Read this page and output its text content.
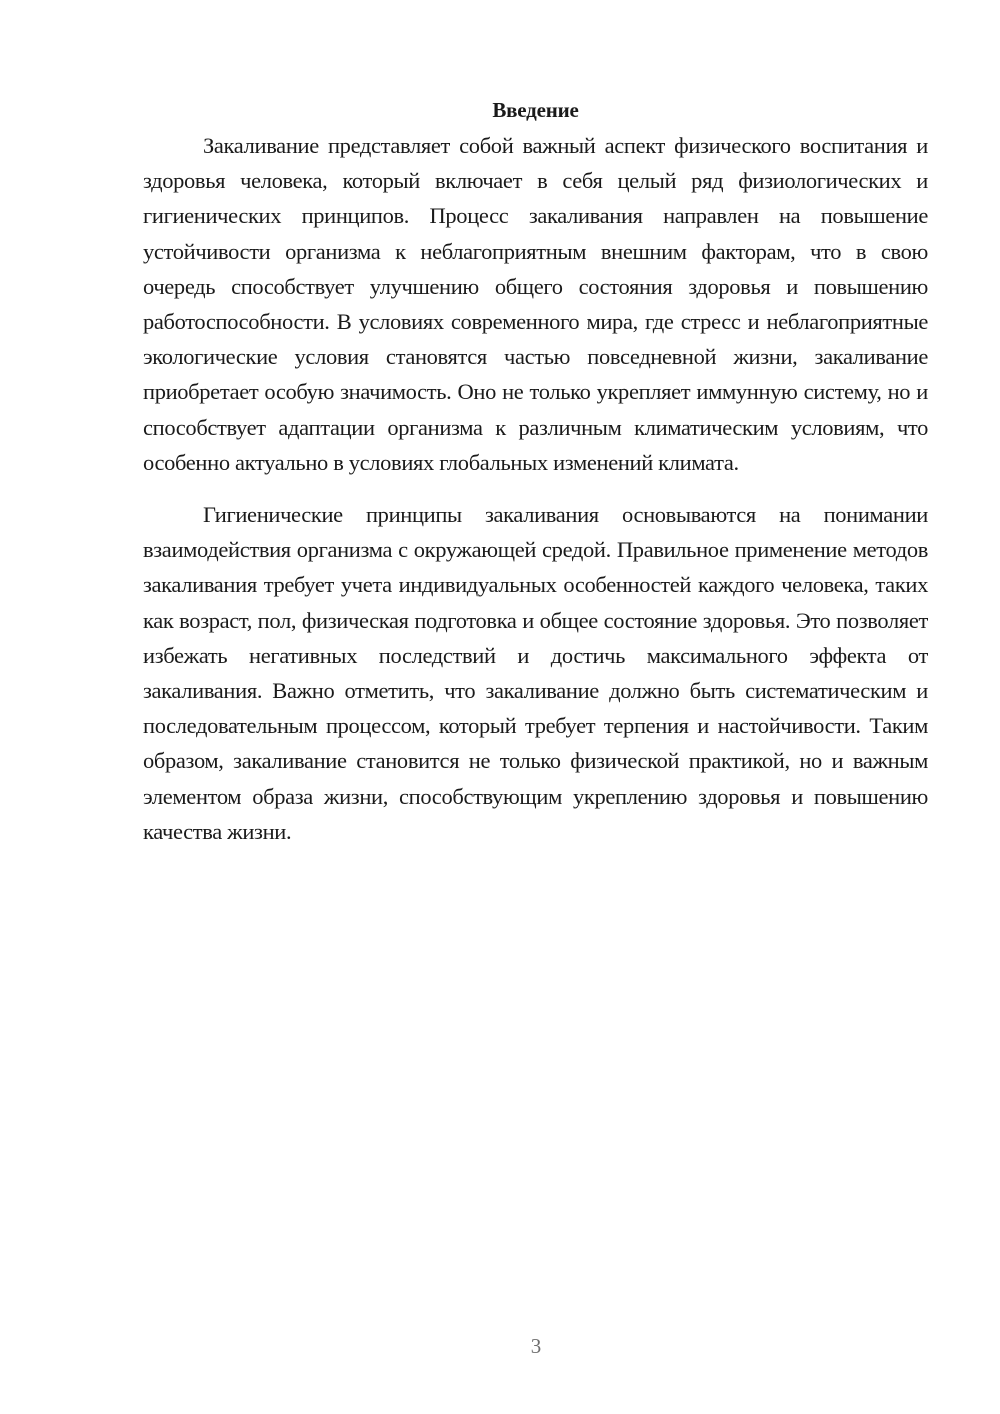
Введение

Закаливание представляет собой важный аспект физического воспитания и здоровья человека, который включает в себя целый ряд физиологических и гигиенических принципов. Процесс закаливания направлен на повышение устойчивости организма к неблагоприятным внешним факторам, что в свою очередь способствует улучшению общего состояния здоровья и повышению работоспособности. В условиях современного мира, где стресс и неблагоприятные экологические условия становятся частью повседневной жизни, закаливание приобретает особую значимость. Оно не только укрепляет иммунную систему, но и способствует адаптации организма к различным климатическим условиям, что особенно актуально в условиях глобальных изменений климата.

Гигиенические принципы закаливания основываются на понимании взаимодействия организма с окружающей средой. Правильное применение методов закаливания требует учета индивидуальных особенностей каждого человека, таких как возраст, пол, физическая подготовка и общее состояние здоровья. Это позволяет избежать негативных последствий и достичь максимального эффекта от закаливания. Важно отметить, что закаливание должно быть систематическим и последовательным процессом, который требует терпения и настойчивости. Таким образом, закаливание становится не только физической практикой, но и важным элементом образа жизни, способствующим укреплению здоровья и повышению качества жизни.

3
